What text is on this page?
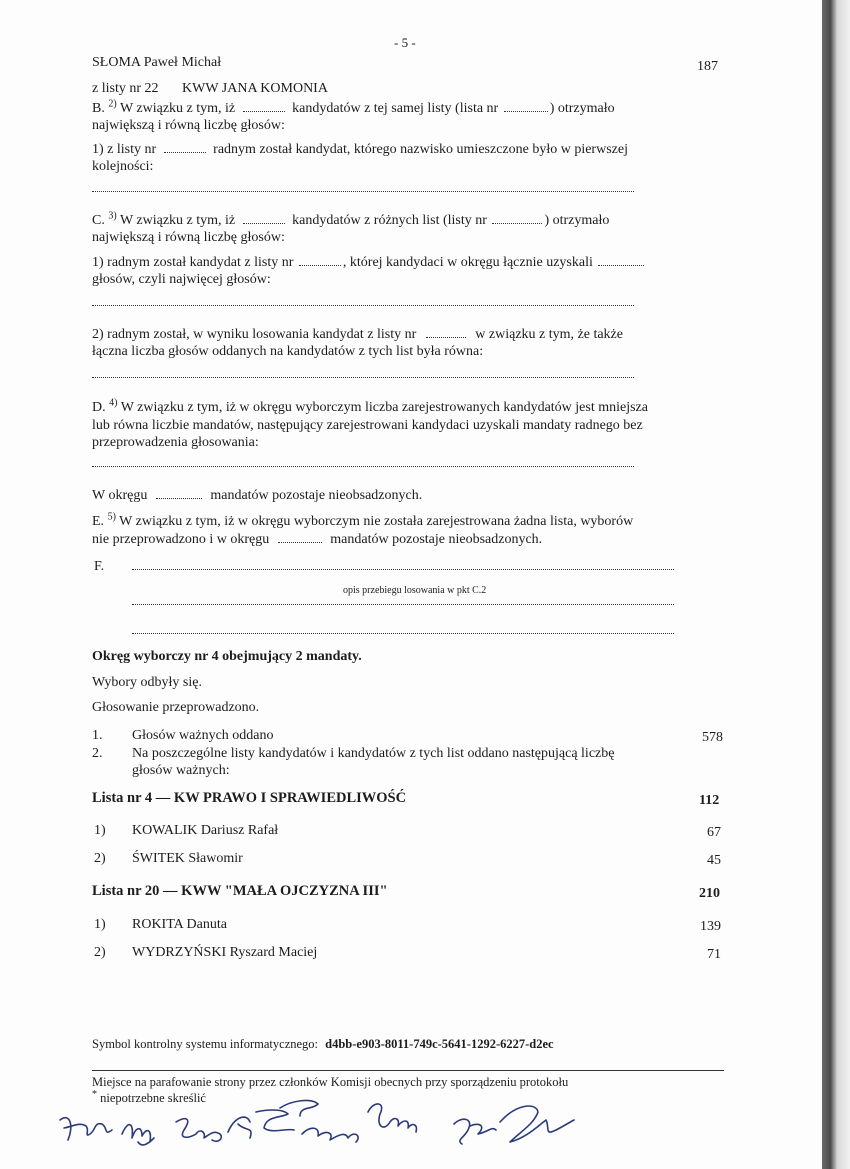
- 5 -
SŁOMA Paweł Michał	187
z listy nr 22 KWW JANA KOMONIA
B. $^{2)}$ W związku z tym, iż	kandydatów z tej samej listy (lista nr	) otrzymało
największą i równą liczbę głosów:
1) z listy nr	radnym został kandydat, którego nazwisko umieszczone było w pierwszej
kolejności:
C. $^{3)}$ W związku z tym, iż	kandydatów z różnych list (listy nr	) otrzymało
największą i równą liczbę głosów:
1) radnym został kandydat z listy nr	, której kandydaci w okręgu łącznie uzyskali
głosów, czyli najwięcej głosów:
2) radnym został, w wyniku losowania kandydat z listy nr	w związku z tym, że także
łączna liczba głosów oddanych na kandydatów z tych list była równa:
D. $^{4)}$ W związku z tym, iż w okręgu wyborczym liczba zarejestrowanych kandydatów jest mniejsza
lub równa liczbie mandatów, następujący zarejestrowani kandydaci uzyskali mandaty radnego bez
przeprowadzenia głosowania:
W okręgu	mandatów pozostaje nieobsadzonych.
E. $^{5)}$ W związku z tym, iż w okręgu wyborczym nie została zarejestrowana żadna lista, wyborów
nie przeprowadzono i w okręgu	mandatów pozostaje nieobsadzonych.
F.
opis przebiegu losowania w pkt C.2
Okręg wyborczy nr 4 obejmujący 2 mandaty.
Wybory odbyły się.
Głosowanie przeprowadzono.
1. Głosów ważnych oddano	578
2. Na poszczególne listy kandydatów i kandydatów z tych list oddano następującą liczbę
głosów ważnych:
Lista nr 4 — KW PRAWO I SPRAWIEDLIWOŚĆ	112
1) KOWALIK Dariusz Rafał	67
2) ŚWITEK Sławomir	45
Lista nr 20 — KWW "MAŁA OJCZYZNA III"	210
1) ROKITA Danuta	139
2) WYDRZYŃSKI Ryszard Maciej	71
Symbol kontrolny systemu informatycznego: d4bb-e903-8011-749c-5641-1292-6227-d2ec
Miejsce na parafowanie strony przez członków Komisji obecnych przy sporządzeniu protokołu
* niepotrzebne skreślić
